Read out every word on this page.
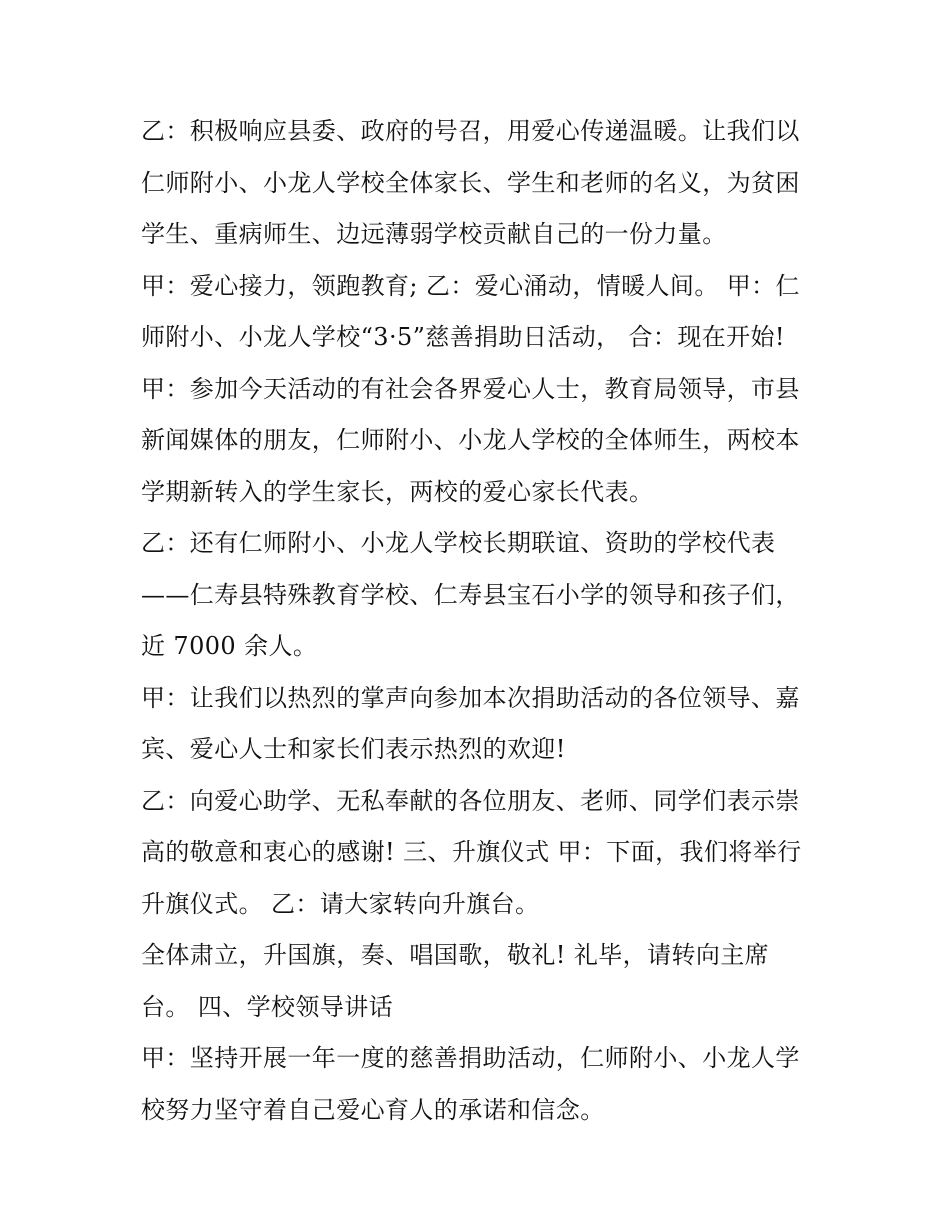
乙：积极响应县委、政府的号召，用爱心传递温暖。让我们以
仁师附小、小龙人学校全体家长、学生和老师的名义，为贫困
学生、重病师生、边远薄弱学校贡献自己的一份力量。
甲：爱心接力，领跑教育; 乙：爱心涌动，情暖人间。 甲：仁
师附小、小龙人学校“3·5”慈善捐助日活动， 合：现在开始!
甲：参加今天活动的有社会各界爱心人士，教育局领导，市县
新闻媒体的朋友，仁师附小、小龙人学校的全体师生，两校本
学期新转入的学生家长，两校的爱心家长代表。
乙：还有仁师附小、小龙人学校长期联谊、资助的学校代表
——仁寿县特殊教育学校、仁寿县宝石小学的领导和孩子们，
近 7000 余人。
甲：让我们以热烈的掌声向参加本次捐助活动的各位领导、嘉
宾、爱心人士和家长们表示热烈的欢迎!
乙：向爱心助学、无私奉献的各位朋友、老师、同学们表示崇
高的敬意和衷心的感谢! 三、升旗仪式 甲：下面，我们将举行
升旗仪式。 乙：请大家转向升旗台。
全体肃立，升国旗，奏、唱国歌，敬礼! 礼毕，请转向主席
台。 四、学校领导讲话
甲：坚持开展一年一度的慈善捐助活动，仁师附小、小龙人学
校努力坚守着自己爱心育人的承诺和信念。
